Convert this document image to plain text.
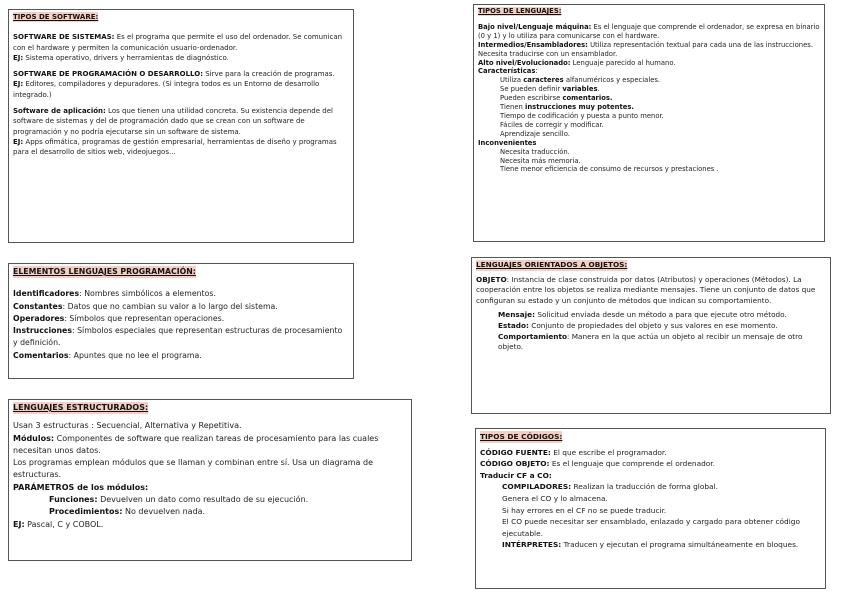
TIPOS DE SOFTWARE:

SOFTWARE DE SISTEMAS: Es el programa que permite el uso del ordenador. Se comunican con el hardware y permiten la comunicación usuario-ordenador.

EJ: Sistema operativo, drivers y herramientas de diagnóstico.

SOFTWARE DE PROGRAMACIÓN O DESARROLLO: Sirve para la creación de programas.

EJ: Editores, compiladores y depuradores. (Si integra todos es un Entorno de desarrollo integrado.)

Software de aplicación: Los que tienen una utilidad concreta. Su existencia depende del software de sistemas y del de programación dado que se crean con un software de programación y no podría ejecutarse sin un software de sistema.

EJ: Apps ofimática, programas de gestión empresarial, herramientas de diseño y programas para el desarrollo de sitios web, videojuegos...

ELEMENTOS LENGUAJES PROGRAMACIÓN:

Identificadores: Nombres simbólicos a elementos.

Constantes: Datos que no cambian su valor a lo largo del sistema.

Operadores: Símbolos que representan operaciones.

Instrucciones: Símbolos especiales que representan estructuras de procesamiento y definición.

Comentarios: Apuntes que no lee el programa.

LENGUAJES ESTRUCTURADOS:

Usan 3 estructuras : Secuencial, Alternativa y Repetitiva.

Módulos: Componentes de software que realizan tareas de procesamiento para las cuales necesitan unos datos.

Los programas emplean módulos que se llaman y combinan entre sí. Usa un diagrama de estructuras.

PARÁMETROS de los módulos:

Funciones: Devuelven un dato como resultado de su ejecución.

Procedimientos: No devuelven nada.

EJ: Pascal, C y COBOL.

TIPOS DE LENGUAJES:

Bajo nivel/Lenguaje máquina: Es el lenguaje que comprende el ordenador, se expresa en binario (0 y 1) y lo utiliza para comunicarse con el hardware.

Intermedios/Ensambladores: Utiliza representación textual para cada una de las instrucciones. Necesita traducirse con un ensamblador.

Alto nivel/Evolucionado: Lenguaje parecido al humano.

Características:

Utiliza caracteres alfanuméricos y especiales.

Se pueden definir variables.

Pueden escribirse comentarios.

Tienen instrucciones muy potentes.

Tiempo de codificación y puesta a punto menor.

Fáciles de corregir y modificar.

Aprendizaje sencillo.

Inconvenientes

Necesita traducción.

Necesita más memoria.

Tiene menor eficiencia de consumo de recursos y prestaciones .

LENGUAJES ORIENTADOS A OBJETOS:

OBJETO: Instancia de clase construida por datos (Atributos) y operaciones (Métodos). La cooperación entre los objetos se realiza mediante mensajes. Tiene un conjunto de datos que configuran su estado y un conjunto de métodos que indican su comportamiento.

Mensaje: Solicitud enviada desde un método a para que ejecute otro método.

Estado: Conjunto de propiedades del objeto y sus valores en ese momento.

Comportamiento: Manera en la que actúa un objeto al recibir un mensaje de otro objeto.

TIPOS DE CÓDIGOS:

CÓDIGO FUENTE: El que escribe el programador.

CÓDIGO OBJETO: Es el lenguaje que comprende el ordenador.

Traducir CF a CO:

COMPILADORES: Realizan la traducción de forma global.

Genera el CO y lo almacena.

Si hay errores en el CF no se puede traducir.

El CO puede necesitar ser ensamblado, enlazado y cargado para obtener código ejecutable.

INTÉRPRETES: Traducen y ejecutan el programa simultáneamente en bloques.
